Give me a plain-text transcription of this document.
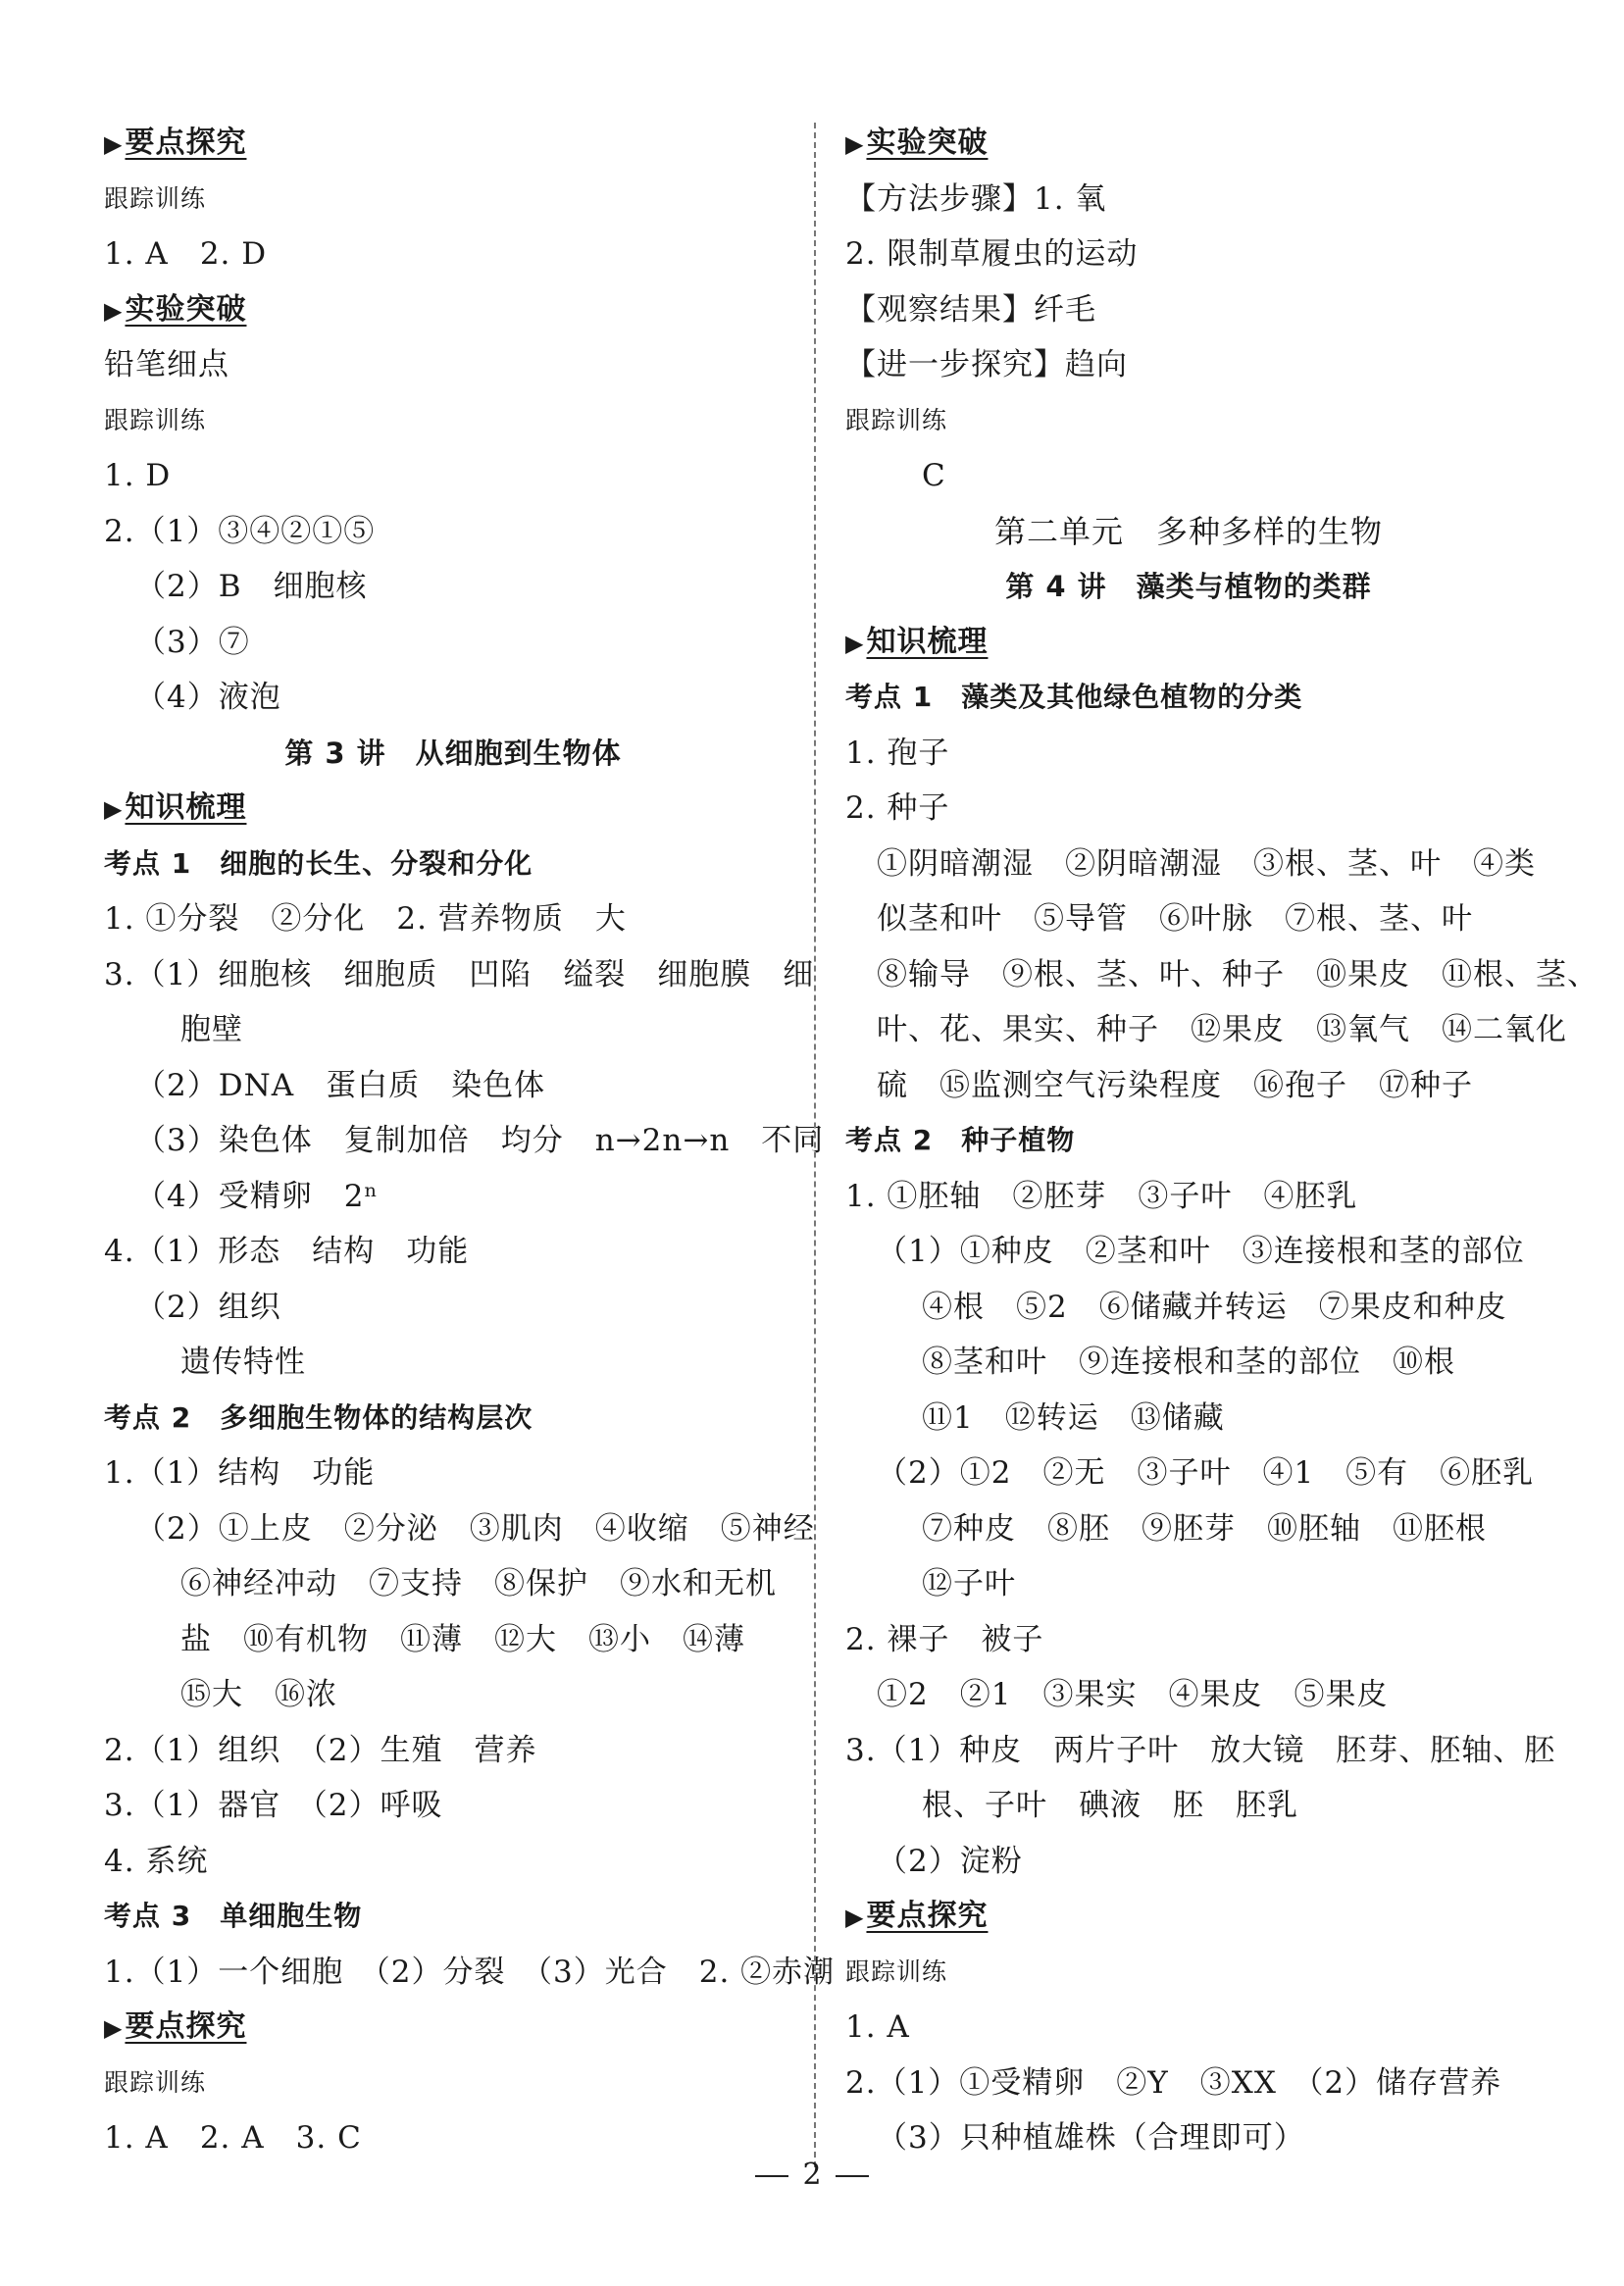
▶要点探究
跟踪训练
1. A　2. D
▶实验突破
铅笔细点
跟踪训练
1. D
2.（1）③④②①⑤
（2）B　细胞核
（3）⑦
（4）液泡
第 3 讲　从细胞到生物体
▶知识梳理
考点 1　细胞的长生、分裂和分化
1. ①分裂　②分化　2. 营养物质　大
3.（1）细胞核　细胞质　凹陷　缢裂　细胞膜　细
胞壁
（2）DNA　蛋白质　染色体
（3）染色体　复制加倍　均分　n→2n→n　不同
（4）受精卵　2ⁿ
4.（1）形态　结构　功能
（2）组织
遗传特性
考点 2　多细胞生物体的结构层次
1.（1）结构　功能
（2）①上皮　②分泌　③肌肉　④收缩　⑤神经
⑥神经冲动　⑦支持　⑧保护　⑨水和无机
盐　⑩有机物　⑪薄　⑫大　⑬小　⑭薄
⑮大　⑯浓
2.（1）组织　（2）生殖　营养
3.（1）器官　（2）呼吸
4. 系统
考点 3　单细胞生物
1.（1）一个细胞　（2）分裂　（3）光合　2. ②赤潮
▶要点探究
跟踪训练
1. A　2. A　3. C
▶实验突破
【方法步骤】1. 氧
2. 限制草履虫的运动
【观察结果】纤毛
【进一步探究】趋向
跟踪训练
C
第二单元　多种多样的生物
第 4 讲　藻类与植物的类群
▶知识梳理
考点 1　藻类及其他绿色植物的分类
1. 孢子
2. 种子
①阴暗潮湿　②阴暗潮湿　③根、茎、叶　④类
似茎和叶　⑤导管　⑥叶脉　⑦根、茎、叶
⑧输导　⑨根、茎、叶、种子　⑩果皮　⑪根、茎、
叶、花、果实、种子　⑫果皮　⑬氧气　⑭二氧化
硫　⑮监测空气污染程度　⑯孢子　⑰种子
考点 2　种子植物
1. ①胚轴　②胚芽　③子叶　④胚乳
（1）①种皮　②茎和叶　③连接根和茎的部位
④根　⑤2　⑥储藏并转运　⑦果皮和种皮
⑧茎和叶　⑨连接根和茎的部位　⑩根
⑪1　⑫转运　⑬储藏
（2）①2　②无　③子叶　④1　⑤有　⑥胚乳
⑦种皮　⑧胚　⑨胚芽　⑩胚轴　⑪胚根
⑫子叶
2. 裸子　被子
①2　②1　③果实　④果皮　⑤果皮
3.（1）种皮　两片子叶　放大镜　胚芽、胚轴、胚
根、子叶　碘液　胚　胚乳
（2）淀粉
▶要点探究
跟踪训练
1. A
2.（1）①受精卵　②Y　③XX　（2）储存营养
（3）只种植雄株（合理即可）
2
